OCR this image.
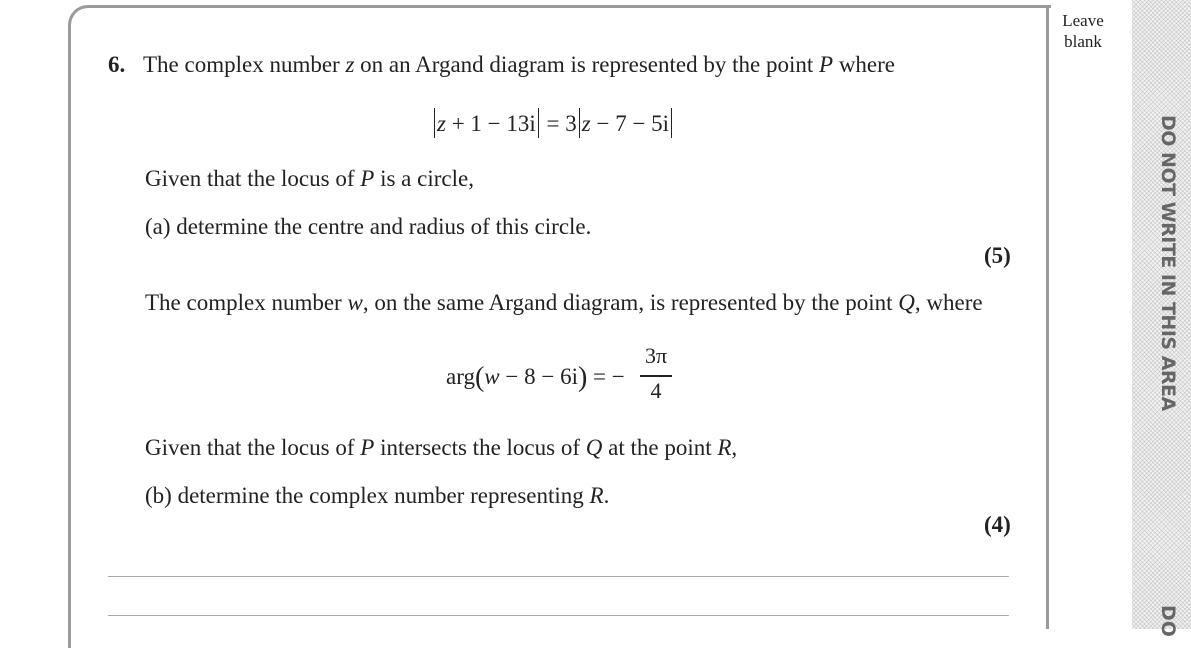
Leave blank
DO NOT WRITE IN THIS AREA
DO
6. The complex number z on an Argand diagram is represented by the point P where
z + 1 − 13i = 3 z − 7 − 5i
Given that the locus of P is a circle,
(a) determine the centre and radius of this circle.
(5)
The complex number w, on the same Argand diagram, is represented by the point Q, where
arg(w − 8 − 6i) = −
3π
4
Given that the locus of P intersects the locus of Q at the point R,
(b) determine the complex number representing R.
(4)
